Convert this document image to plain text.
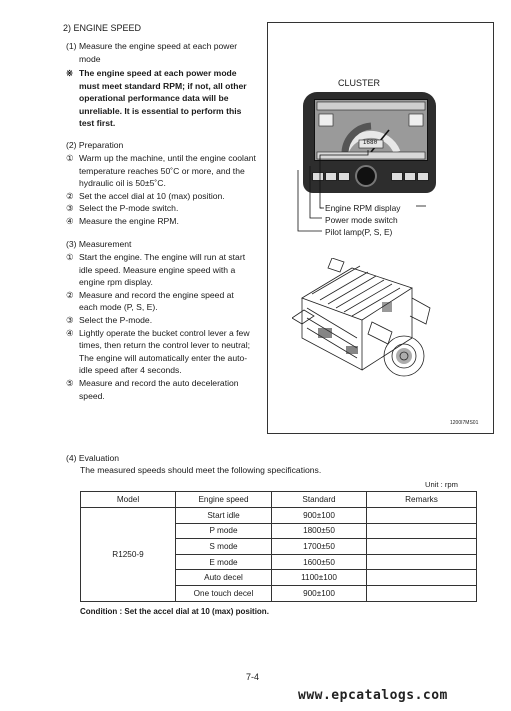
2) ENGINE SPEED
(1) Measure the engine speed at each power mode
※ The engine speed at each power mode must meet standard RPM; if not, all other operational performance data will be unreliable. It is essential to perform this test first.
(2) Preparation
① Warm up the machine, until the engine coolant temperature reaches 50˚C or more, and the hydraulic oil is 50±5˚C.
② Set the accel dial at 10 (max) position.
③ Select the P-mode switch.
④ Measure the engine RPM.
(3) Measurement
① Start the engine. The engine will run at start idle speed. Measure engine speed with a engine rpm display.
② Measure and record the engine speed at each mode (P, S, E).
③ Select the P-mode.
④ Lightly operate the bucket control lever a few times, then return the control lever to neutral; The engine will automatically enter the auto-idle speed after 4 seconds.
⑤ Measure and record the auto deceleration speed.
CLUSTER
1680
Engine RPM display
Power mode switch
Pilot lamp(P, S, E)
1200I7MS01
(4) Evaluation
The measured speeds should meet the following specifications.
Unit : rpm
Model	Engine speed	Standard	Remarks
R1250-9	Start idle	900±100	
	P mode	1800±50	
	S mode	1700±50	
	E mode	1600±50	
	Auto decel	1100±100	
	One touch decel	900±100	
Condition : Set the accel dial at 10 (max) position.
7-4
www.epcatalogs.com
